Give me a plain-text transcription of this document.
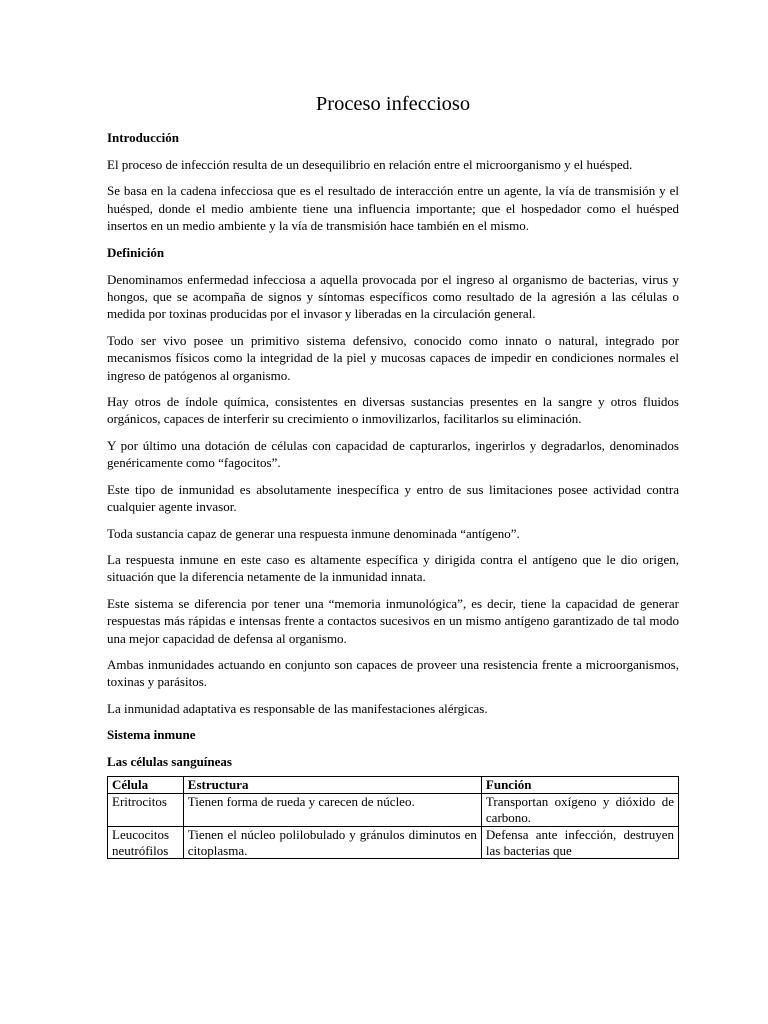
Proceso infeccioso
Introducción

El proceso de infección resulta de un desequilibrio en relación entre el microorganismo y el huésped.

Se basa en la cadena infecciosa que es el resultado de interacción entre un agente, la vía de transmisión y el huésped, donde el medio ambiente tiene una influencia importante; que el hospedador como el huésped insertos en un medio ambiente y la vía de transmisión hace también en el mismo.

Definición

Denominamos enfermedad infecciosa a aquella provocada por el ingreso al organismo de bacterias, virus y hongos, que se acompaña de signos y síntomas específicos como resultado de la agresión a las células o medida por toxinas producidas por el invasor y liberadas en la circulación general.

Todo ser vivo posee un primitivo sistema defensivo, conocido como innato o natural, integrado por mecanismos físicos como la integridad de la piel y mucosas capaces de impedir en condiciones normales el ingreso de patógenos al organismo.

Hay otros de índole química, consistentes en diversas sustancias presentes en la sangre y otros fluidos orgánicos, capaces de interferir su crecimiento o inmovilizarlos, facilitarlos su eliminación.

Y por último una dotación de células con capacidad de capturarlos, ingerirlos y degradarlos, denominados genéricamente como “fagocitos”.

Este tipo de inmunidad es absolutamente inespecífica y entro de sus limitaciones posee actividad contra cualquier agente invasor.

Toda sustancia capaz de generar una respuesta inmune denominada “antígeno”.

La respuesta inmune en este caso es altamente específica y dirigida contra el antígeno que le dio origen, situación que la diferencia netamente de la inmunidad innata.

Este sistema se diferencia por tener una “memoria inmunológica”, es decir, tiene la capacidad de generar respuestas más rápidas e intensas frente a contactos sucesivos en un mismo antígeno garantizado de tal modo una mejor capacidad de defensa al organismo.

Ambas inmunidades actuando en conjunto son capaces de proveer una resistencia frente a microorganismos, toxinas y parásitos.

La inmunidad adaptativa es responsable de las manifestaciones alérgicas.

Sistema inmune
Las células sanguíneas
Célula	Estructura	Función
Eritrocitos	Tienen forma de rueda y carecen de núcleo.	Transportan oxígeno y dióxido de carbono.

Leucocitos neutrófilos	Tienen el núcleo polilobulado y gránulos diminutos en citoplasma.	Defensa ante infección, destruyen las bacterias que
